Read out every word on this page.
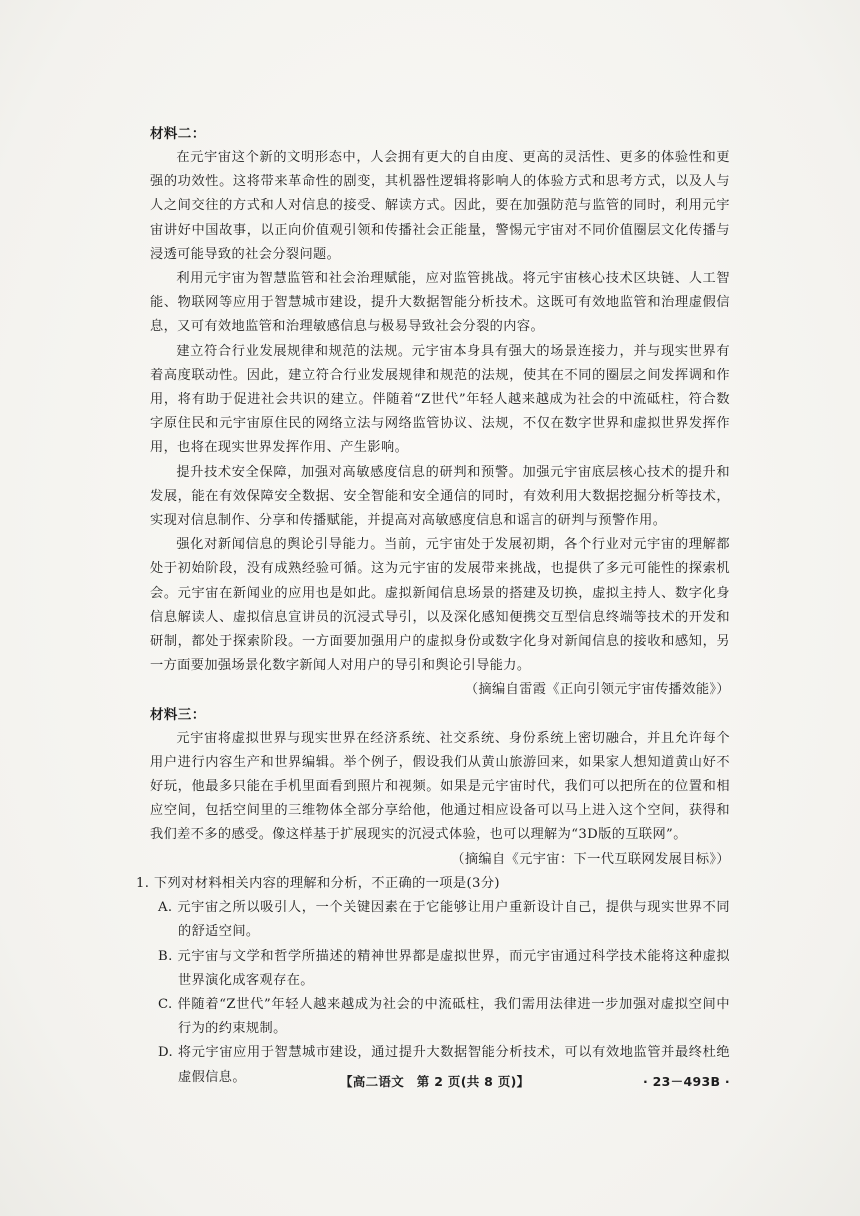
材料二：

在元宇宙这个新的文明形态中，人会拥有更大的自由度、更高的灵活性、更多的体验性和更强的功效性。这将带来革命性的剧变，其机器性逻辑将影响人的体验方式和思考方式，以及人与人之间交往的方式和人对信息的接受、解读方式。因此，要在加强防范与监管的同时，利用元宇宙讲好中国故事，以正向价值观引领和传播社会正能量，警惕元宇宙对不同价值圈层文化传播与浸透可能导致的社会分裂问题。

利用元宇宙为智慧监管和社会治理赋能，应对监管挑战。将元宇宙核心技术区块链、人工智能、物联网等应用于智慧城市建设，提升大数据智能分析技术。这既可有效地监管和治理虚假信息，又可有效地监管和治理敏感信息与极易导致社会分裂的内容。

建立符合行业发展规律和规范的法规。元宇宙本身具有强大的场景连接力，并与现实世界有着高度联动性。因此，建立符合行业发展规律和规范的法规，使其在不同的圈层之间发挥调和作用，将有助于促进社会共识的建立。伴随着“Z世代”年轻人越来越成为社会的中流砥柱，符合数字原住民和元宇宙原住民的网络立法与网络监管协议、法规，不仅在数字世界和虚拟世界发挥作用，也将在现实世界发挥作用、产生影响。

提升技术安全保障，加强对高敏感度信息的研判和预警。加强元宇宙底层核心技术的提升和发展，能在有效保障安全数据、安全智能和安全通信的同时，有效利用大数据挖掘分析等技术，实现对信息制作、分享和传播赋能，并提高对高敏感度信息和谣言的研判与预警作用。

强化对新闻信息的舆论引导能力。当前，元宇宙处于发展初期，各个行业对元宇宙的理解都处于初始阶段，没有成熟经验可循。这为元宇宙的发展带来挑战，也提供了多元可能性的探索机会。元宇宙在新闻业的应用也是如此。虚拟新闻信息场景的搭建及切换，虚拟主持人、数字化身信息解读人、虚拟信息宣讲员的沉浸式导引，以及深化感知便携交互型信息终端等技术的开发和研制，都处于探索阶段。一方面要加强用户的虚拟身份或数字化身对新闻信息的接收和感知，另一方面要加强场景化数字新闻人对用户的导引和舆论引导能力。

（摘编自雷霞《正向引领元宇宙传播效能》）
材料三：

元宇宙将虚拟世界与现实世界在经济系统、社交系统、身份系统上密切融合，并且允许每个用户进行内容生产和世界编辑。举个例子，假设我们从黄山旅游回来，如果家人想知道黄山好不好玩，他最多只能在手机里面看到照片和视频。如果是元宇宙时代，我们可以把所在的位置和相应空间，包括空间里的三维物体全部分享给他，他通过相应设备可以马上进入这个空间，获得和我们差不多的感受。像这样基于扩展现实的沉浸式体验，也可以理解为“3D版的互联网”。

（摘编自《元宇宙：下一代互联网发展目标》）
1. 下列对材料相关内容的理解和分析，不正确的一项是(3分)
A. 元宇宙之所以吸引人，一个关键因素在于它能够让用户重新设计自己，提供与现实世界不同的舒适空间。
B. 元宇宙与文学和哲学所描述的精神世界都是虚拟世界，而元宇宙通过科学技术能将这种虚拟世界演化成客观存在。
C. 伴随着“Z世代”年轻人越来越成为社会的中流砥柱，我们需用法律进一步加强对虚拟空间中行为的约束规制。
D. 将元宇宙应用于智慧城市建设，通过提升大数据智能分析技术，可以有效地监管并最终杜绝虚假信息。	【高二语文　第 2 页(共 8 页)】	· 23－493B ·
